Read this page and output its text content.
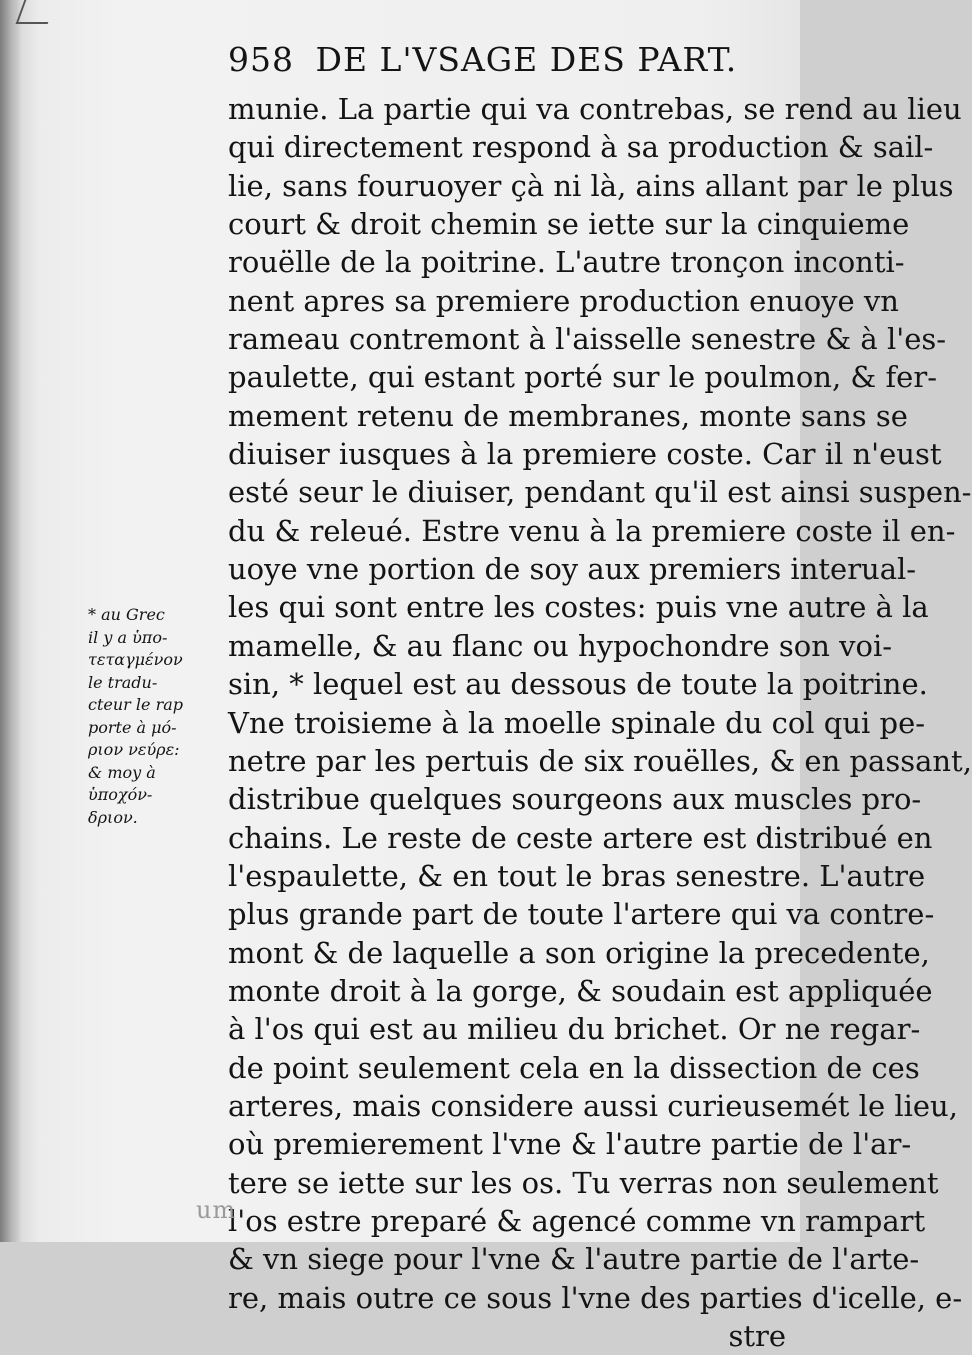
958 DE L'VSAGE DES PART.
munie. La partie qui va contrebas, se rend au lieu
qui directement respond à sa production & sail-
lie, sans fouruoyer çà ni là, ains allant par le plus
court & droit chemin se iette sur la cinquieme
rouëlle de la poitrine. L'autre tronçon inconti-
nent apres sa premiere production enuoye vn
rameau contremont à l'aisselle senestre & à l'es-
paulette, qui estant porté sur le poulmon, & fer-
mement retenu de membranes, monte sans se
diuiser iusques à la premiere coste. Car il n'eust
esté seur le diuiser, pendant qu'il est ainsi suspen-
du & releué. Estre venu à la premiere coste il en-
uoye vne portion de soy aux premiers interual-
les qui sont entre les costes: puis vne autre à la
mamelle, & au flanc ou hypochondre son voi-
sin, * lequel est au dessous de toute la poitrine.
Vne troisieme à la moelle spinale du col qui pe-
netre par les pertuis de six rouëlles, & en passant,
distribue quelques sourgeons aux muscles pro-
chains. Le reste de ceste artere est distribué en
l'espaulette, & en tout le bras senestre. L'autre
plus grande part de toute l'artere qui va contre-
mont & de laquelle a son origine la precedente,
monte droit à la gorge, & soudain est appliquée
à l'os qui est au milieu du brichet. Or ne regar-
de point seulement cela en la dissection de ces
arteres, mais considere aussi curieusemét le lieu,
où premierement l'vne & l'autre partie de l'ar-
tere se iette sur les os. Tu verras non seulement
l'os estre preparé & agencé comme vn rampart
& vn siege pour l'vne & l'autre partie de l'arte-
re, mais outre ce sous l'vne des parties d'icelle, e-
stre
* au Grec
il y a ὑπο-
τεταγμένον
le tradu-
cteur le rap
porte à μό-
ριον νεύρε:
& moy à
ὑποχόν-
δριον.
um
